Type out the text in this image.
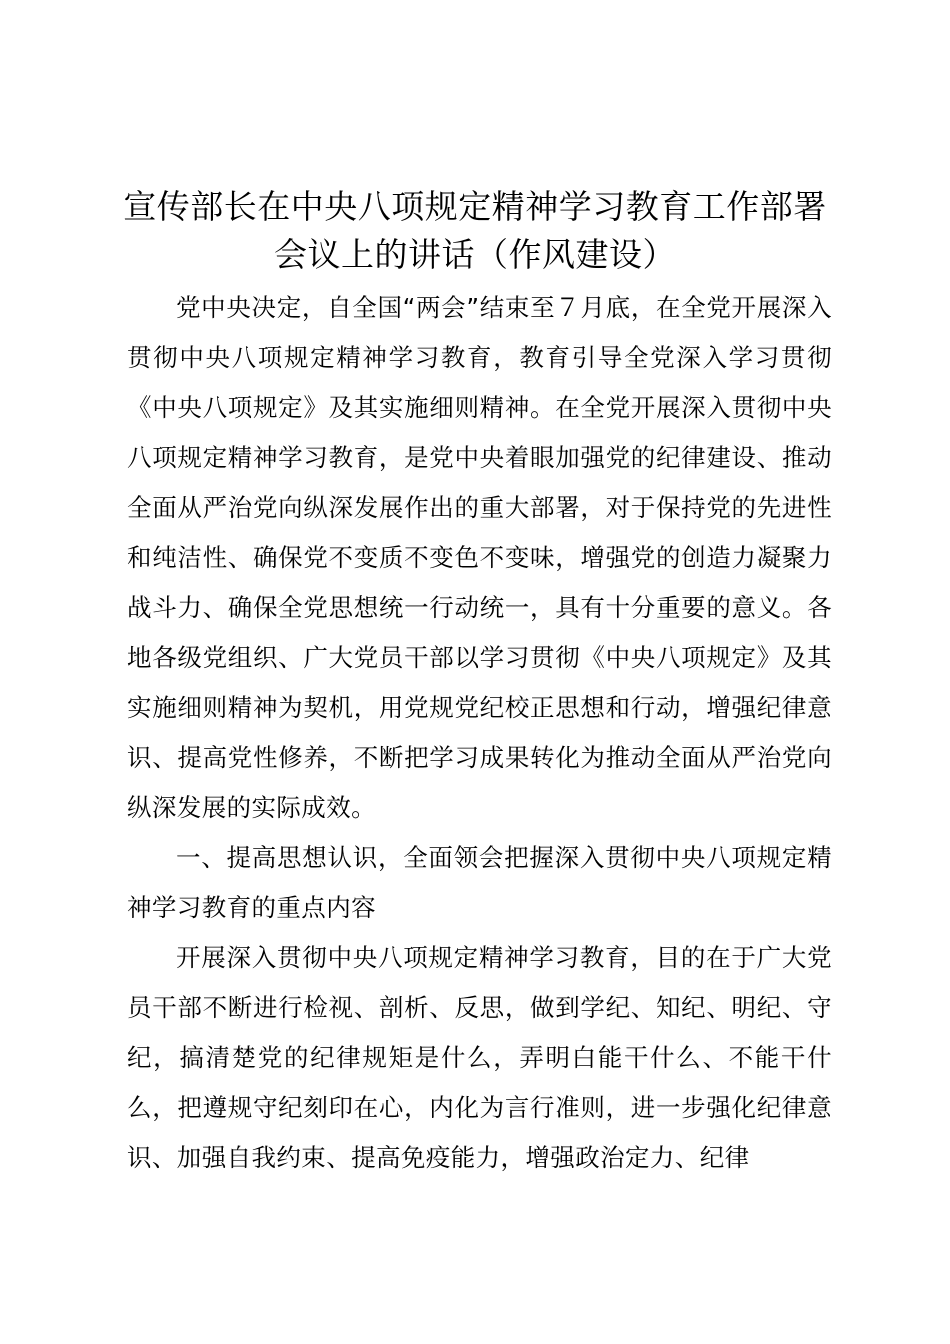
宣传部长在中央八项规定精神学习教育工作部署会议上的讲话（作风建设）

党中央决定，自全国“两会”结束至７月底，在全党开展深入贯彻中央八项规定精神学习教育，教育引导全党深入学习贯彻《中央八项规定》及其实施细则精神。在全党开展深入贯彻中央八项规定精神学习教育，是党中央着眼加强党的纪律建设、推动全面从严治党向纵深发展作出的重大部署，对于保持党的先进性和纯洁性、确保党不变质不变色不变味，增强党的创造力凝聚力战斗力、确保全党思想统一行动统一，具有十分重要的意义。各地各级党组织、广大党员干部以学习贯彻《中央八项规定》及其实施细则精神为契机，用党规党纪校正思想和行动，增强纪律意识、提高党性修养，不断把学习成果转化为推动全面从严治党向纵深发展的实际成效。

一、提高思想认识，全面领会把握深入贯彻中央八项规定精神学习教育的重点内容

开展深入贯彻中央八项规定精神学习教育，目的在于广大党员干部不断进行检视、剖析、反思，做到学纪、知纪、明纪、守纪，搞清楚党的纪律规矩是什么，弄明白能干什么、不能干什么，把遵规守纪刻印在心，内化为言行准则，进一步强化纪律意识、加强自我约束、提高免疫能力，增强政治定力、纪律
